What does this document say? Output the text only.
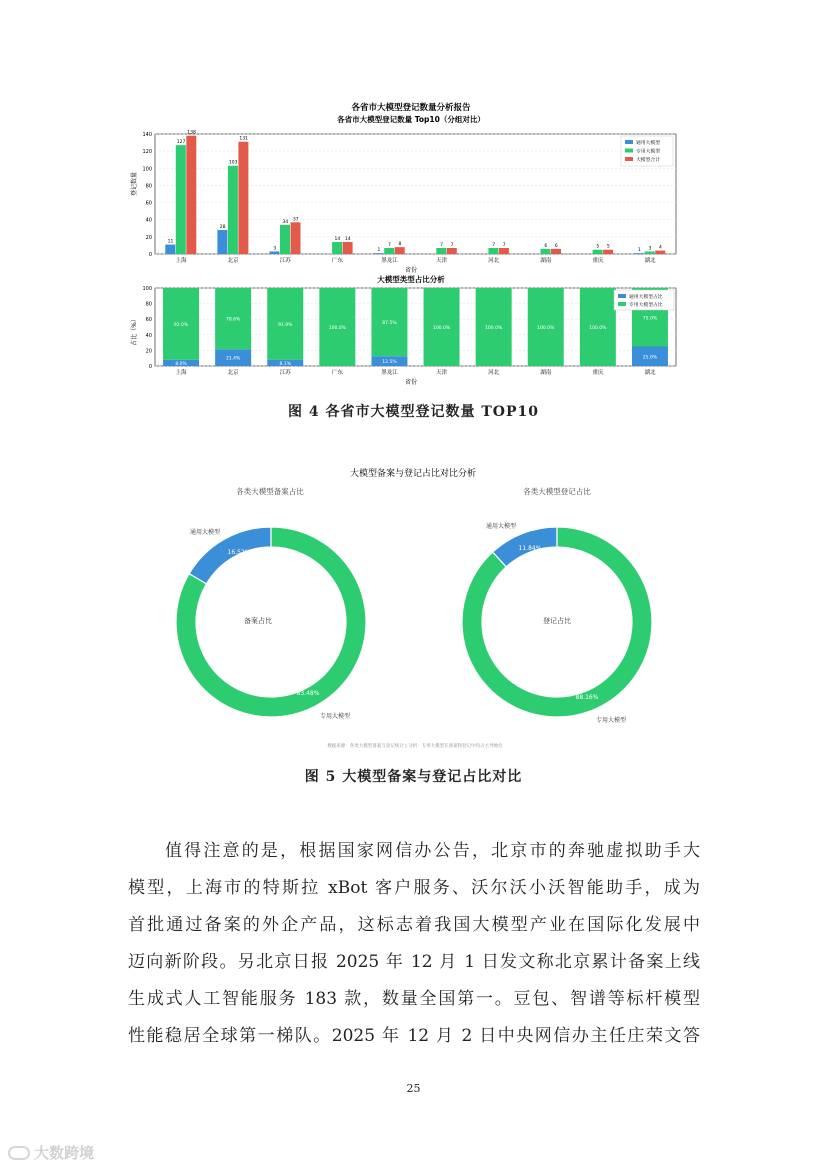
各省市大模型登记数量分析报告
各省市大模型登记数量 Top10（分组对比）
0
20
40
60
80
100
120
140
上海
11
127
138
北京
28
103
131
江苏
3
34
37
广东
14 14
黑龙江
1
7 8
天津
7 7
河北
7 7
湖南
6 6
重庆
5 5
湖北
1 3 4
通用大模型
专用大模型
大模型合计
省份
登记数量
大模型类型占比分析
0
20
40
60
80
100
8.0%
92.0%
上海
21.4%
78.6%
北京
8.1%
91.9%
江苏
100.0%
广东
12.5%
87.5%
黑龙江
100.0%
天津
100.0%
河北
100.0%
湖南
100.0%
重庆
25.0%
75.0%
湖北
通用大模型占比
专用大模型占比
省份
占比（%）
图 4 各省市大模型登记数量 TOP10
大模型备案与登记占比对比分析
各类大模型备案占比	各类大模型登记占比
备案占比	登记占比
通用大模型
专用大模型
通用大模型
专用大模型
16.52%
83.48%
11.84%
88.16%
数据来源：各类大模型备案与登记统计 | 分析：专用大模型在备案和登记中均占主导地位
图 5 大模型备案与登记占比对比
值得注意的是，根据国家网信办公告，北京市的奔驰虚拟助手大
模型，上海市的特斯拉 xBot 客户服务、沃尔沃小沃智能助手，成为
首批通过备案的外企产品，这标志着我国大模型产业在国际化发展中
迈向新阶段。另北京日报 2025 年 12 月 1 日发文称北京累计备案上线
生成式人工智能服务 183 款，数量全国第一。豆包、智谱等标杆模型
性能稳居全球第一梯队。2025 年 12 月 2 日中央网信办主任庄荣文答
25
大数跨境
